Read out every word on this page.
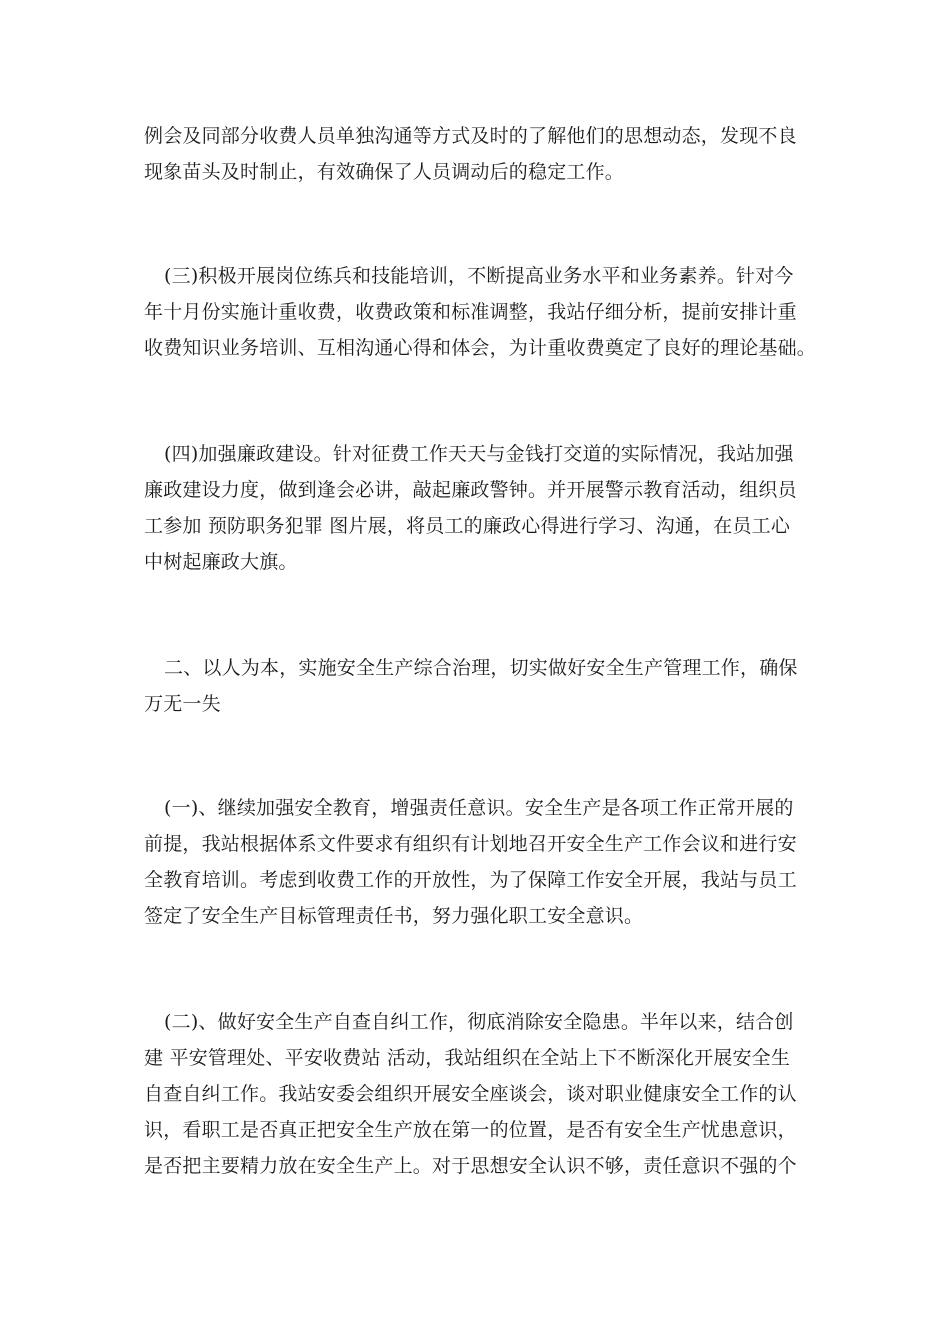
例会及同部分收费人员单独沟通等方式及时的了解他们的思想动态，发现不良
现象苗头及时制止，有效确保了人员调动后的稳定工作。
(三)积极开展岗位练兵和技能培训，不断提高业务水平和业务素养。针对今
年十月份实施计重收费，收费政策和标准调整，我站仔细分析，提前安排计重
收费知识业务培训、互相沟通心得和体会，为计重收费奠定了良好的理论基础。
(四)加强廉政建设。针对征费工作天天与金钱打交道的实际情况，我站加强
廉政建设力度，做到逢会必讲，敲起廉政警钟。并开展警示教育活动，组织员
工参加 预防职务犯罪 图片展，将员工的廉政心得进行学习、沟通，在员工心
中树起廉政大旗。
二、以人为本，实施安全生产综合治理，切实做好安全生产管理工作，确保
万无一失
(一)、继续加强安全教育，增强责任意识。安全生产是各项工作正常开展的
前提，我站根据体系文件要求有组织有计划地召开安全生产工作会议和进行安
全教育培训。考虑到收费工作的开放性，为了保障工作安全开展，我站与员工
签定了安全生产目标管理责任书，努力强化职工安全意识。
(二)、做好安全生产自查自纠工作，彻底消除安全隐患。半年以来，结合创
建 平安管理处、平安收费站 活动，我站组织在全站上下不断深化开展安全生
自查自纠工作。我站安委会组织开展安全座谈会，谈对职业健康安全工作的认
识，看职工是否真正把安全生产放在第一的位置，是否有安全生产忧患意识，
是否把主要精力放在安全生产上。对于思想安全认识不够，责任意识不强的个
